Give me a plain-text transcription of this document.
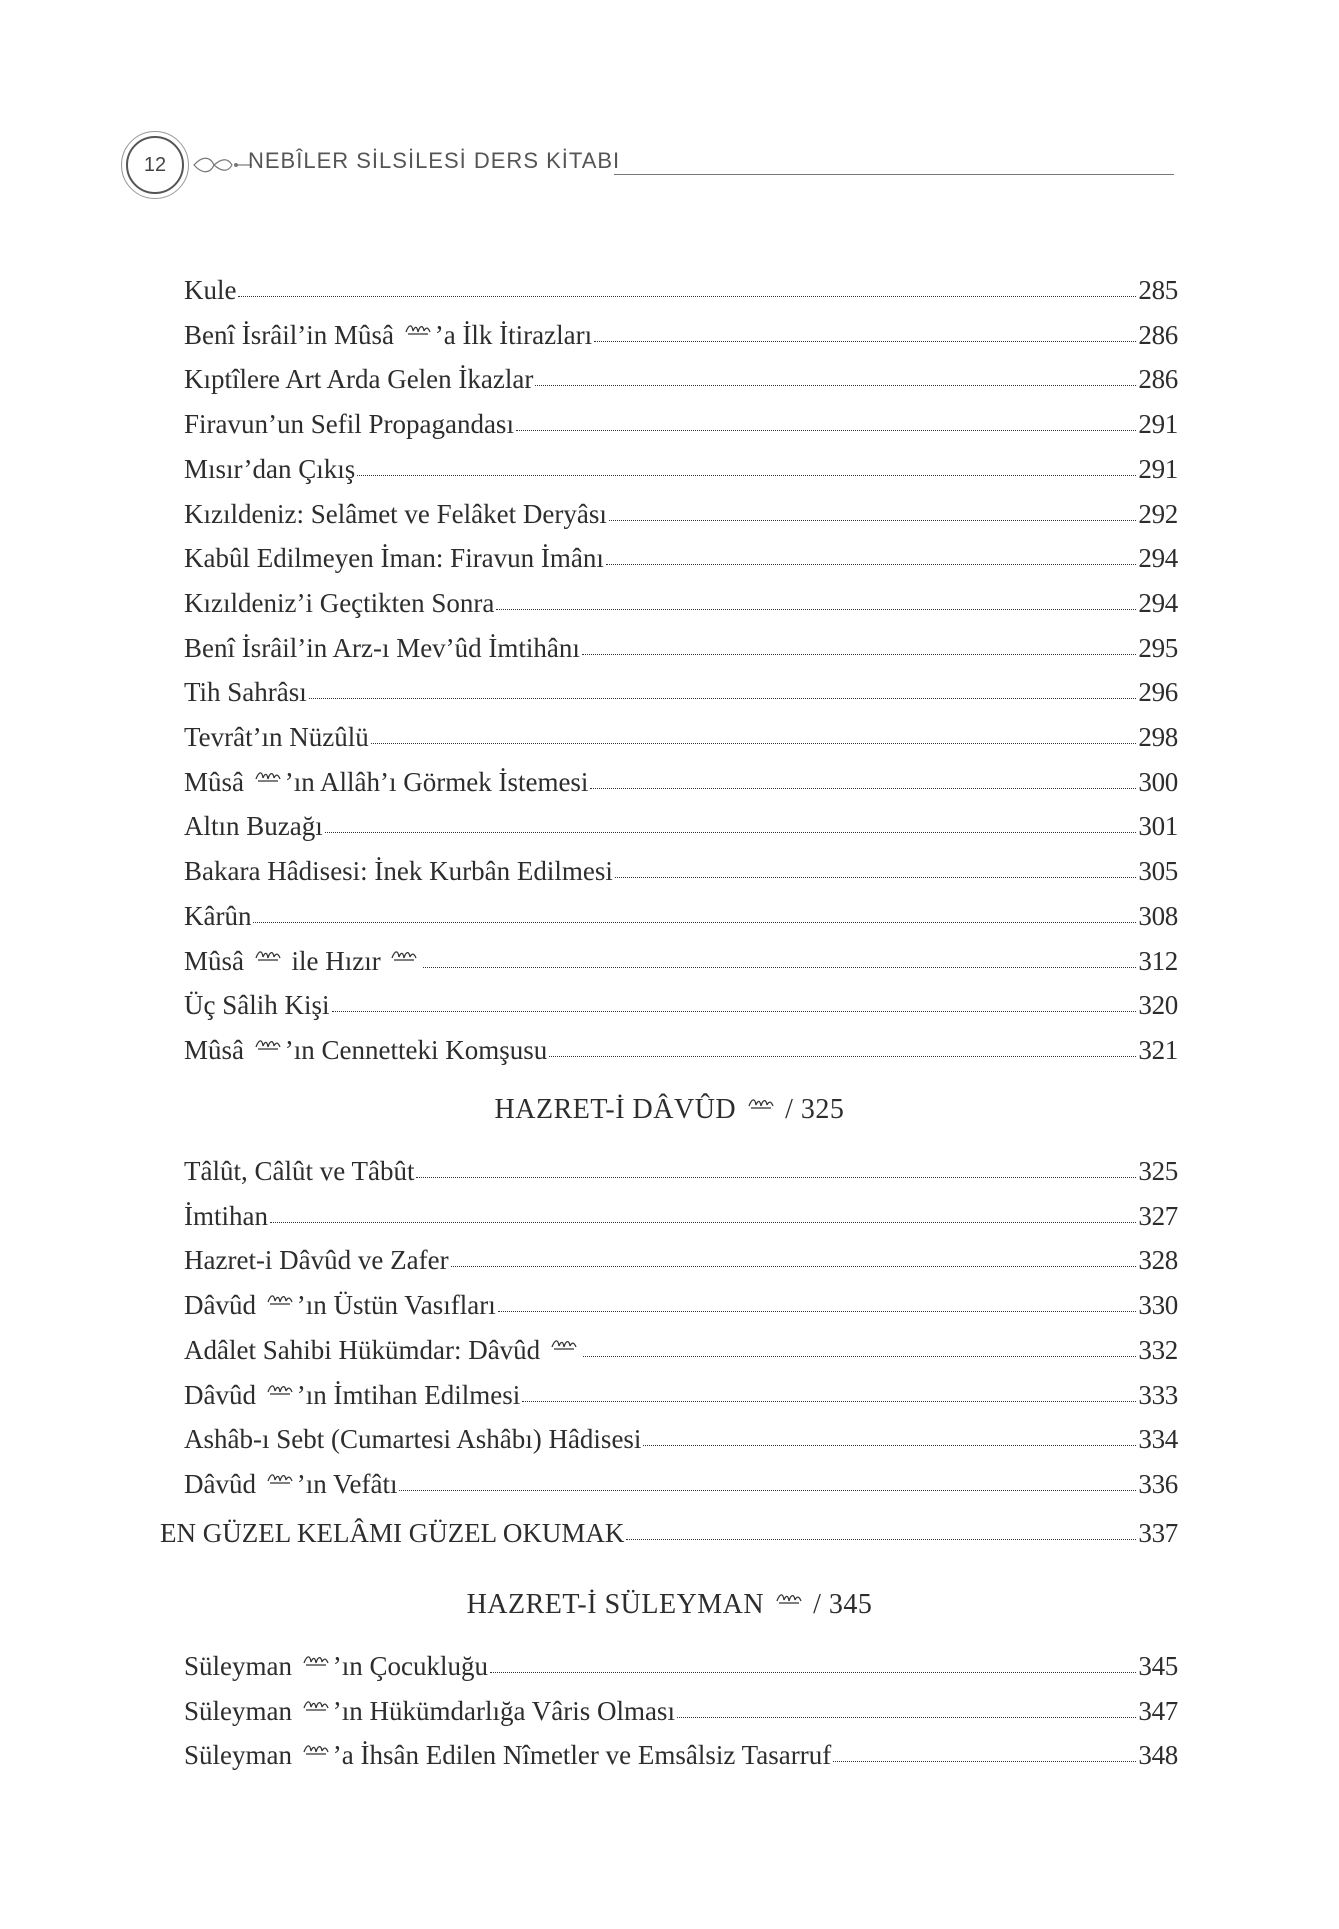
12	NEBÎLER SİLSİLESİ DERS KİTABI
Kule	285
Benî İsrâil’in Mûsâ ’a İlk İtirazları	286
Kıptîlere Art Arda Gelen İkazlar	286
Firavun’un Sefil Propagandası	291
Mısır’dan Çıkış	291
Kızıldeniz: Selâmet ve Felâket Deryâsı	292
Kabûl Edilmeyen İman: Firavun İmânı	294
Kızıldeniz’i Geçtikten Sonra	294
Benî İsrâil’in Arz-ı Mev’ûd İmtihânı	295
Tih Sahrâsı	296
Tevrât’ın Nüzûlü	298
Mûsâ ’ın Allâh’ı Görmek İstemesi	300
Altın Buzağı	301
Bakara Hâdisesi: İnek Kurbân Edilmesi	305
Kârûn	308
Mûsâ  ile Hızır	312
Üç Sâlih Kişi	320
Mûsâ ’ın Cennetteki Komşusu	321
HAZRET-İ DÂVÛD  / 325
Tâlût, Câlût ve Tâbût	325
İmtihan	327
Hazret-i Dâvûd ve Zafer	328
Dâvûd ’ın Üstün Vasıfları	330
Adâlet Sahibi Hükümdar: Dâvûd	332
Dâvûd ’ın İmtihan Edilmesi	333
Ashâb-ı Sebt (Cumartesi Ashâbı) Hâdisesi	334
Dâvûd ’ın Vefâtı	336
EN GÜZEL KELÂMI GÜZEL OKUMAK	337
HAZRET-İ SÜLEYMAN  / 345
Süleyman ’ın Çocukluğu	345
Süleyman ’ın Hükümdarlığa Vâris Olması	347
Süleyman ’a İhsân Edilen Nîmetler ve Emsâlsiz Tasarruf	348
